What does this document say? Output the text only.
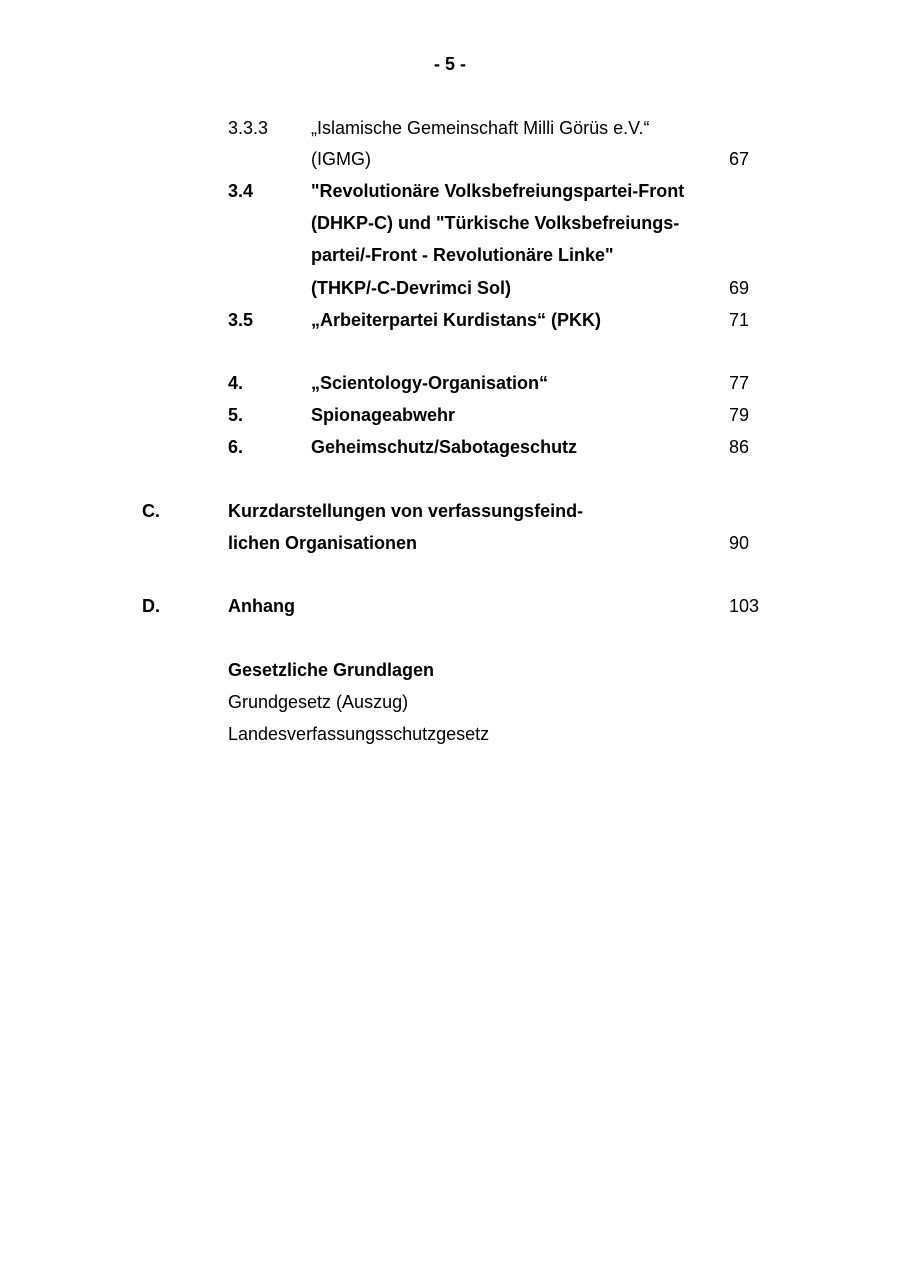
- 5 -
3.3.3 „Islamische Gemeinschaft Milli Görüs e.V.“
(IGMG)	67
3.4	"Revolutionäre Volksbefreiungspartei-Front
(DHKP-C) und "Türkische Volksbefreiungs-
partei/-Front - Revolutionäre Linke"
(THKP/-C-Devrimci Sol)	69
3.5	„Arbeiterpartei Kurdistans“ (PKK)	71
4.	„Scientology-Organisation“	77
5.	Spionageabwehr	79
6.	Geheimschutz/Sabotageschutz	86
C.	Kurzdarstellungen von verfassungsfeind-
lichen Organisationen	90
D.	Anhang	103
Gesetzliche Grundlagen
Grundgesetz (Auszug)
Landesverfassungsschutzgesetz
